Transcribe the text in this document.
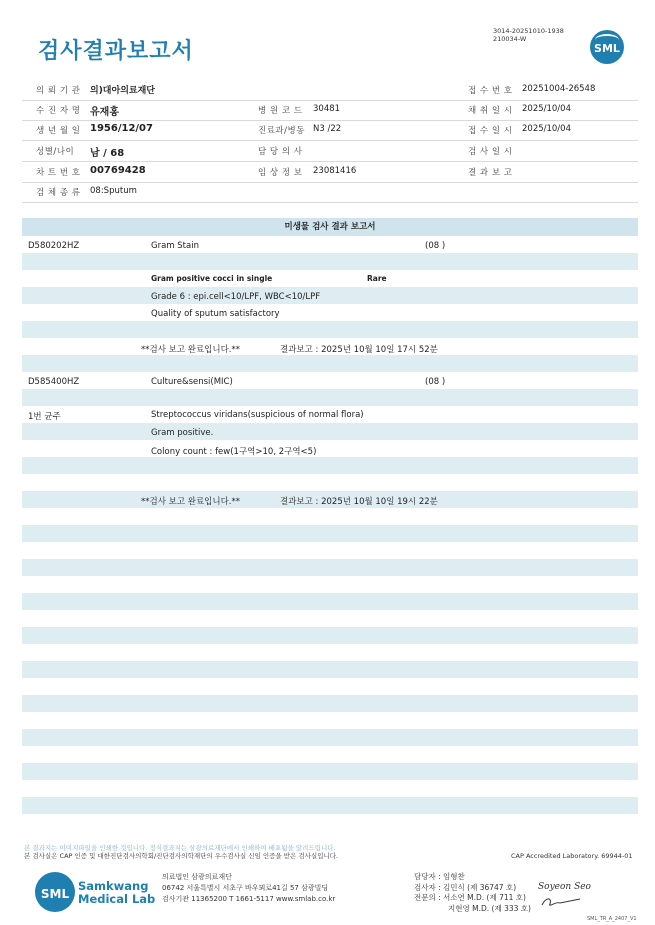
검사결과보고서
3014-20251010-1938
210034-W
SML
의 뢰 기 관 의)대아의료재단	접 수 번 호 20251004-26548
수 진 자 명 유재홍	병 원 코 드 30481	채 취 일 시 2025/10/04
생 년 월 일 1956/12/07	진료과/병동 N3 /22	접 수 일 시 2025/10/04
성별/나이 남 / 68	담 당 의 사	검 사 일 시
차 트 번 호 00769428	임 상 정 보 23081416	결 과 보 고
검 체 종 류 08:Sputum
미생물 검사 결과 보고서
D580202HZ	Gram Stain	(08 )
Gram positive cocci in single	Rare
Grade 6 : epi.cell<10/LPF, WBC<10/LPF
Quality of sputum satisfactory
**검사 보고 완료입니다.**	결과보고 : 2025년 10월 10일 17시 52분
D585400HZ	Culture&sensi(MIC)	(08 )
1번 균주	Streptococcus viridans(suspicious of normal flora)
Gram positive.
Colony count : few(1구역>10, 2구역<5)
**검사 보고 완료입니다.**	결과보고 : 2025년 10월 10일 19시 22분
본 결과지는 이미지파일을 인쇄한 것입니다. 정식결과지는 삼광의료재단에서 인쇄하여 배포됨을 알려드립니다.
본 검사실은 CAP 인증 및 대한진단검사의학회/진단검사의학재단의 우수검사실 신임 인증을 받은 검사실입니다.	CAP Accredited Laboratory. 69944-01
SML
Samkwang
Medical Lab
의료법인 삼광의료재단
06742 서울특별시 서초구 바우뫼로41길 57 삼광빌딩
검사기관 11365200 T 1661-5117 www.smlab.co.kr
담당자 : 임형찬
검사자 : 김민식 (제 36747 호)
전문의 : 서소연 M.D. (제 711 호)
지현영 M.D. (제 333 호)
Soyeon Seo
SML_TR_A_2407_V1
